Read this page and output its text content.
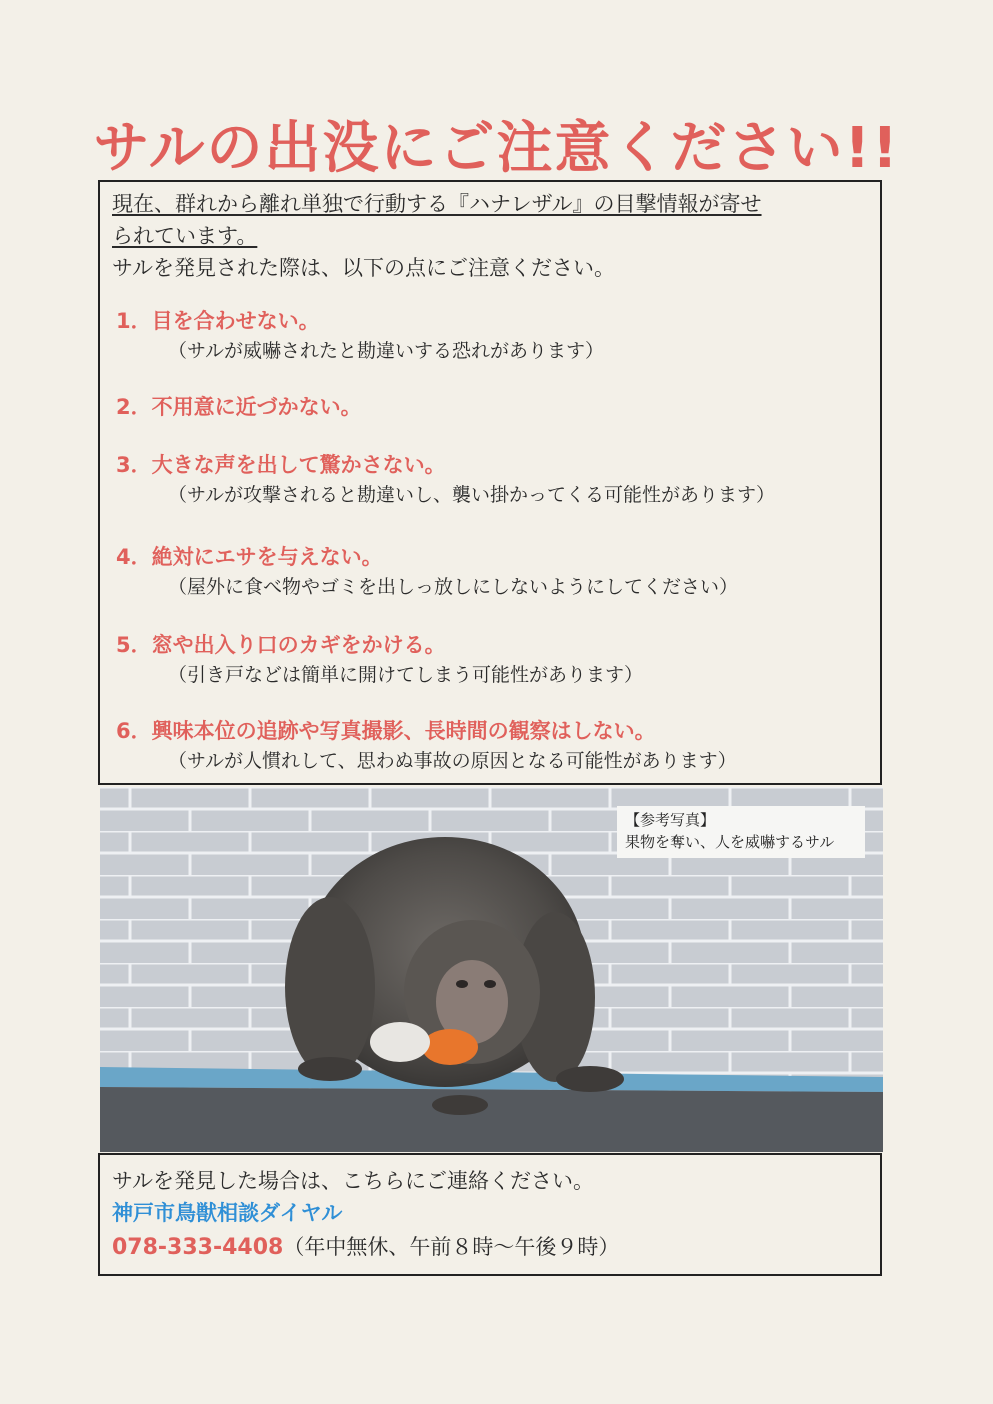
サルの出没にご注意ください!!
現在、群れから離れ単独で行動する『ハナレザル』の目撃情報が寄せ
られています。
サルを発見された際は、以下の点にご注意ください。
1．目を合わせない。
（サルが威嚇されたと勘違いする恐れがあります）
2．不用意に近づかない。
3．大きな声を出して驚かさない。
（サルが攻撃されると勘違いし、襲い掛かってくる可能性があります）
4．絶対にエサを与えない。
（屋外に食べ物やゴミを出しっ放しにしないようにしてください）
5．窓や出入り口のカギをかける。
（引き戸などは簡単に開けてしまう可能性があります）
6．興味本位の追跡や写真撮影、長時間の観察はしない。
（サルが人慣れして、思わぬ事故の原因となる可能性があります）
【参考写真】
果物を奪い、人を威嚇するサル
サルを発見した場合は、こちらにご連絡ください。
神戸市鳥獣相談ダイヤル
078-333-4408（年中無休、午前８時～午後９時）
